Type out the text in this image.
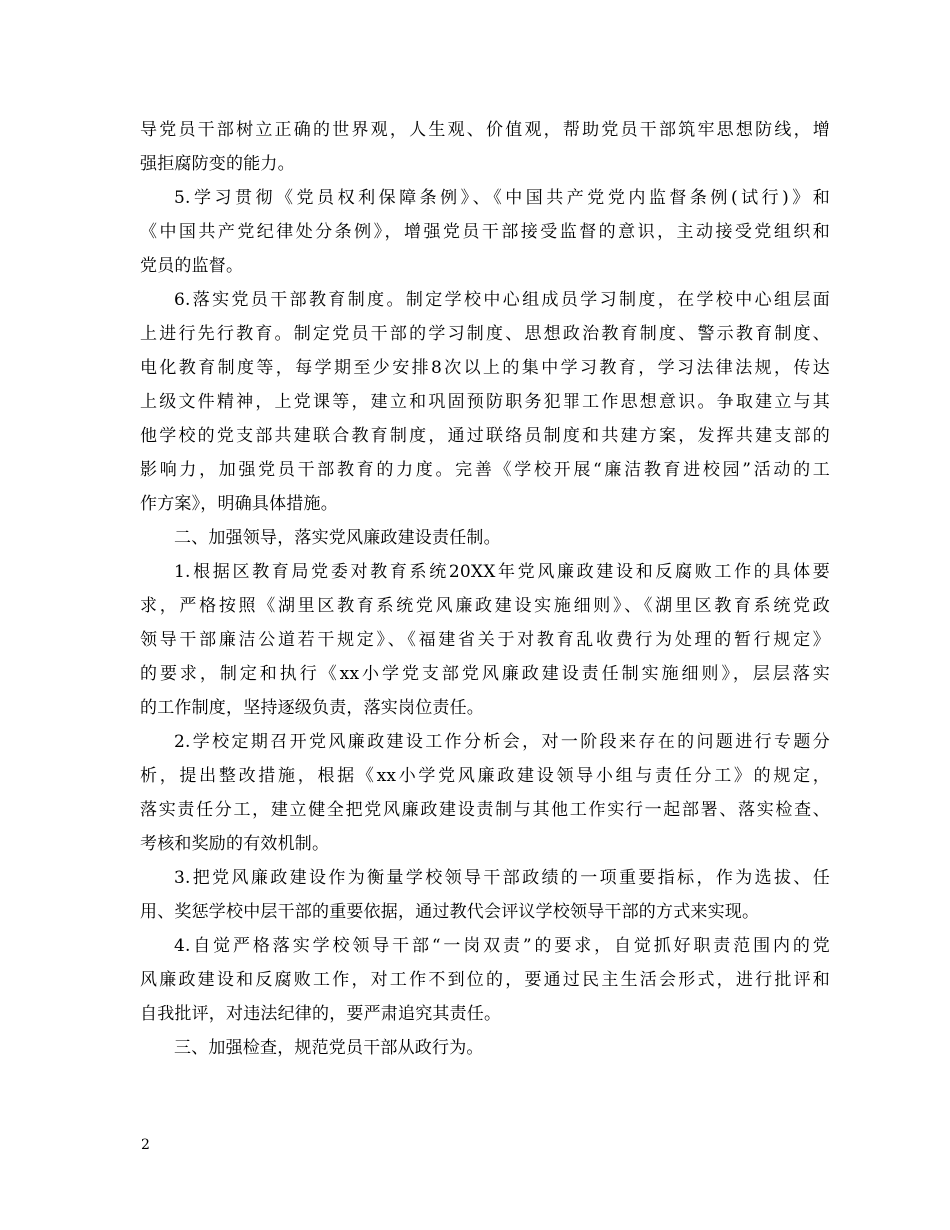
导党员干部树立正确的世界观，人生观、价值观，帮助党员干部筑牢思想防线，增
强拒腐防变的能力。
5.学习贯彻《党员权利保障条例》、《中国共产党党内监督条例(试行)》和
《中国共产党纪律处分条例》，增强党员干部接受监督的意识，主动接受党组织和
党员的监督。
6.落实党员干部教育制度。制定学校中心组成员学习制度，在学校中心组层面
上进行先行教育。制定党员干部的学习制度、思想政治教育制度、警示教育制度、
电化教育制度等，每学期至少安排8次以上的集中学习教育，学习法律法规，传达
上级文件精神，上党课等，建立和巩固预防职务犯罪工作思想意识。争取建立与其
他学校的党支部共建联合教育制度，通过联络员制度和共建方案，发挥共建支部的
影响力，加强党员干部教育的力度。完善《学校开展“廉洁教育进校园”活动的工
作方案》，明确具体措施。
二、加强领导，落实党风廉政建设责任制。
1.根据区教育局党委对教育系统20XX年党风廉政建设和反腐败工作的具体要
求，严格按照《湖里区教育系统党风廉政建设实施细则》、《湖里区教育系统党政
领导干部廉洁公道若干规定》、《福建省关于对教育乱收费行为处理的暂行规定》
的要求，制定和执行《xx小学党支部党风廉政建设责任制实施细则》，层层落实
的工作制度，坚持逐级负责，落实岗位责任。
2.学校定期召开党风廉政建设工作分析会，对一阶段来存在的问题进行专题分
析，提出整改措施，根据《xx小学党风廉政建设领导小组与责任分工》的规定，
落实责任分工，建立健全把党风廉政建设责制与其他工作实行一起部署、落实检查、
考核和奖励的有效机制。
3.把党风廉政建设作为衡量学校领导干部政绩的一项重要指标，作为选拔、任
用、奖惩学校中层干部的重要依据，通过教代会评议学校领导干部的方式来实现。
4.自觉严格落实学校领导干部“一岗双责”的要求，自觉抓好职责范围内的党
风廉政建设和反腐败工作，对工作不到位的，要通过民主生活会形式，进行批评和
自我批评，对违法纪律的，要严肃追究其责任。
三、加强检查，规范党员干部从政行为。
2
